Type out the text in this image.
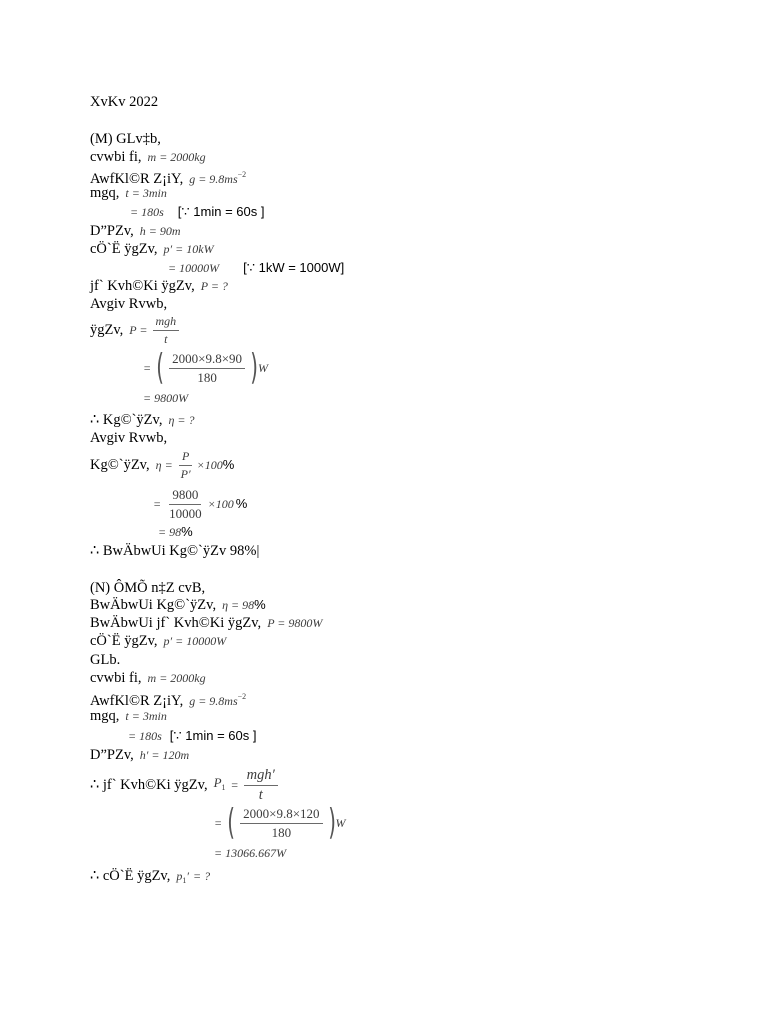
XvKv 2022
(M) GLv‡b,
cvwbi fi, m = 2000kg
AwfKl©R Z¡iY, $g = 9.8ms^{-2}$
mgq, t = 3min
= 180s [∵ 1min = 60s ]
D”PZv, h = 90m
cÖ`Ë ÿgZv, p′ = 10kW
= 10000W [∵ 1kW = 1000W]
jf` Kvh©Ki ÿgZv, P = ?
Avgiv Rvwb,
ÿgZv, $P = \frac{\text{mgh}}{t}$
= ( $\frac{2000\times 9.8\times 90}{180}$ ) W
= 9800W
∴ Kg©`ÿZv, η = ?
Avgiv Rvwb,
Kg©`ÿZv, $\eta = \frac{P}{P'} \times 100$ %
= $\frac{9800}{10000} \times 100$ %
= 98%
∴ BwÄbwUi Kg©`ÿZv 98%|
(N) ÔMÕ n‡Z cvB,
BwÄbwUi Kg©`ÿZv, η = 98%
BwÄbwUi jf` Kvh©Ki ÿgZv, P = 9800W
cÖ`Ë ÿgZv, p′ = 10000W
GLb.
cvwbi fi, m = 2000kg
AwfKl©R Z¡iY, $g = 9.8ms^{-2}$
mgq, t = 3min
= 180s [∵ 1min = 60s ]
D”PZv, h′ = 120m
∴ jf` Kvh©Ki ÿgZv, $P_1 = \frac{\text{mgh′}}{t}$
= ( $\frac{2000\times 9.8\times 120}{180}$ ) W
= 13066.667W
∴ cÖ`Ë ÿgZv, $p_1'$ = ?
